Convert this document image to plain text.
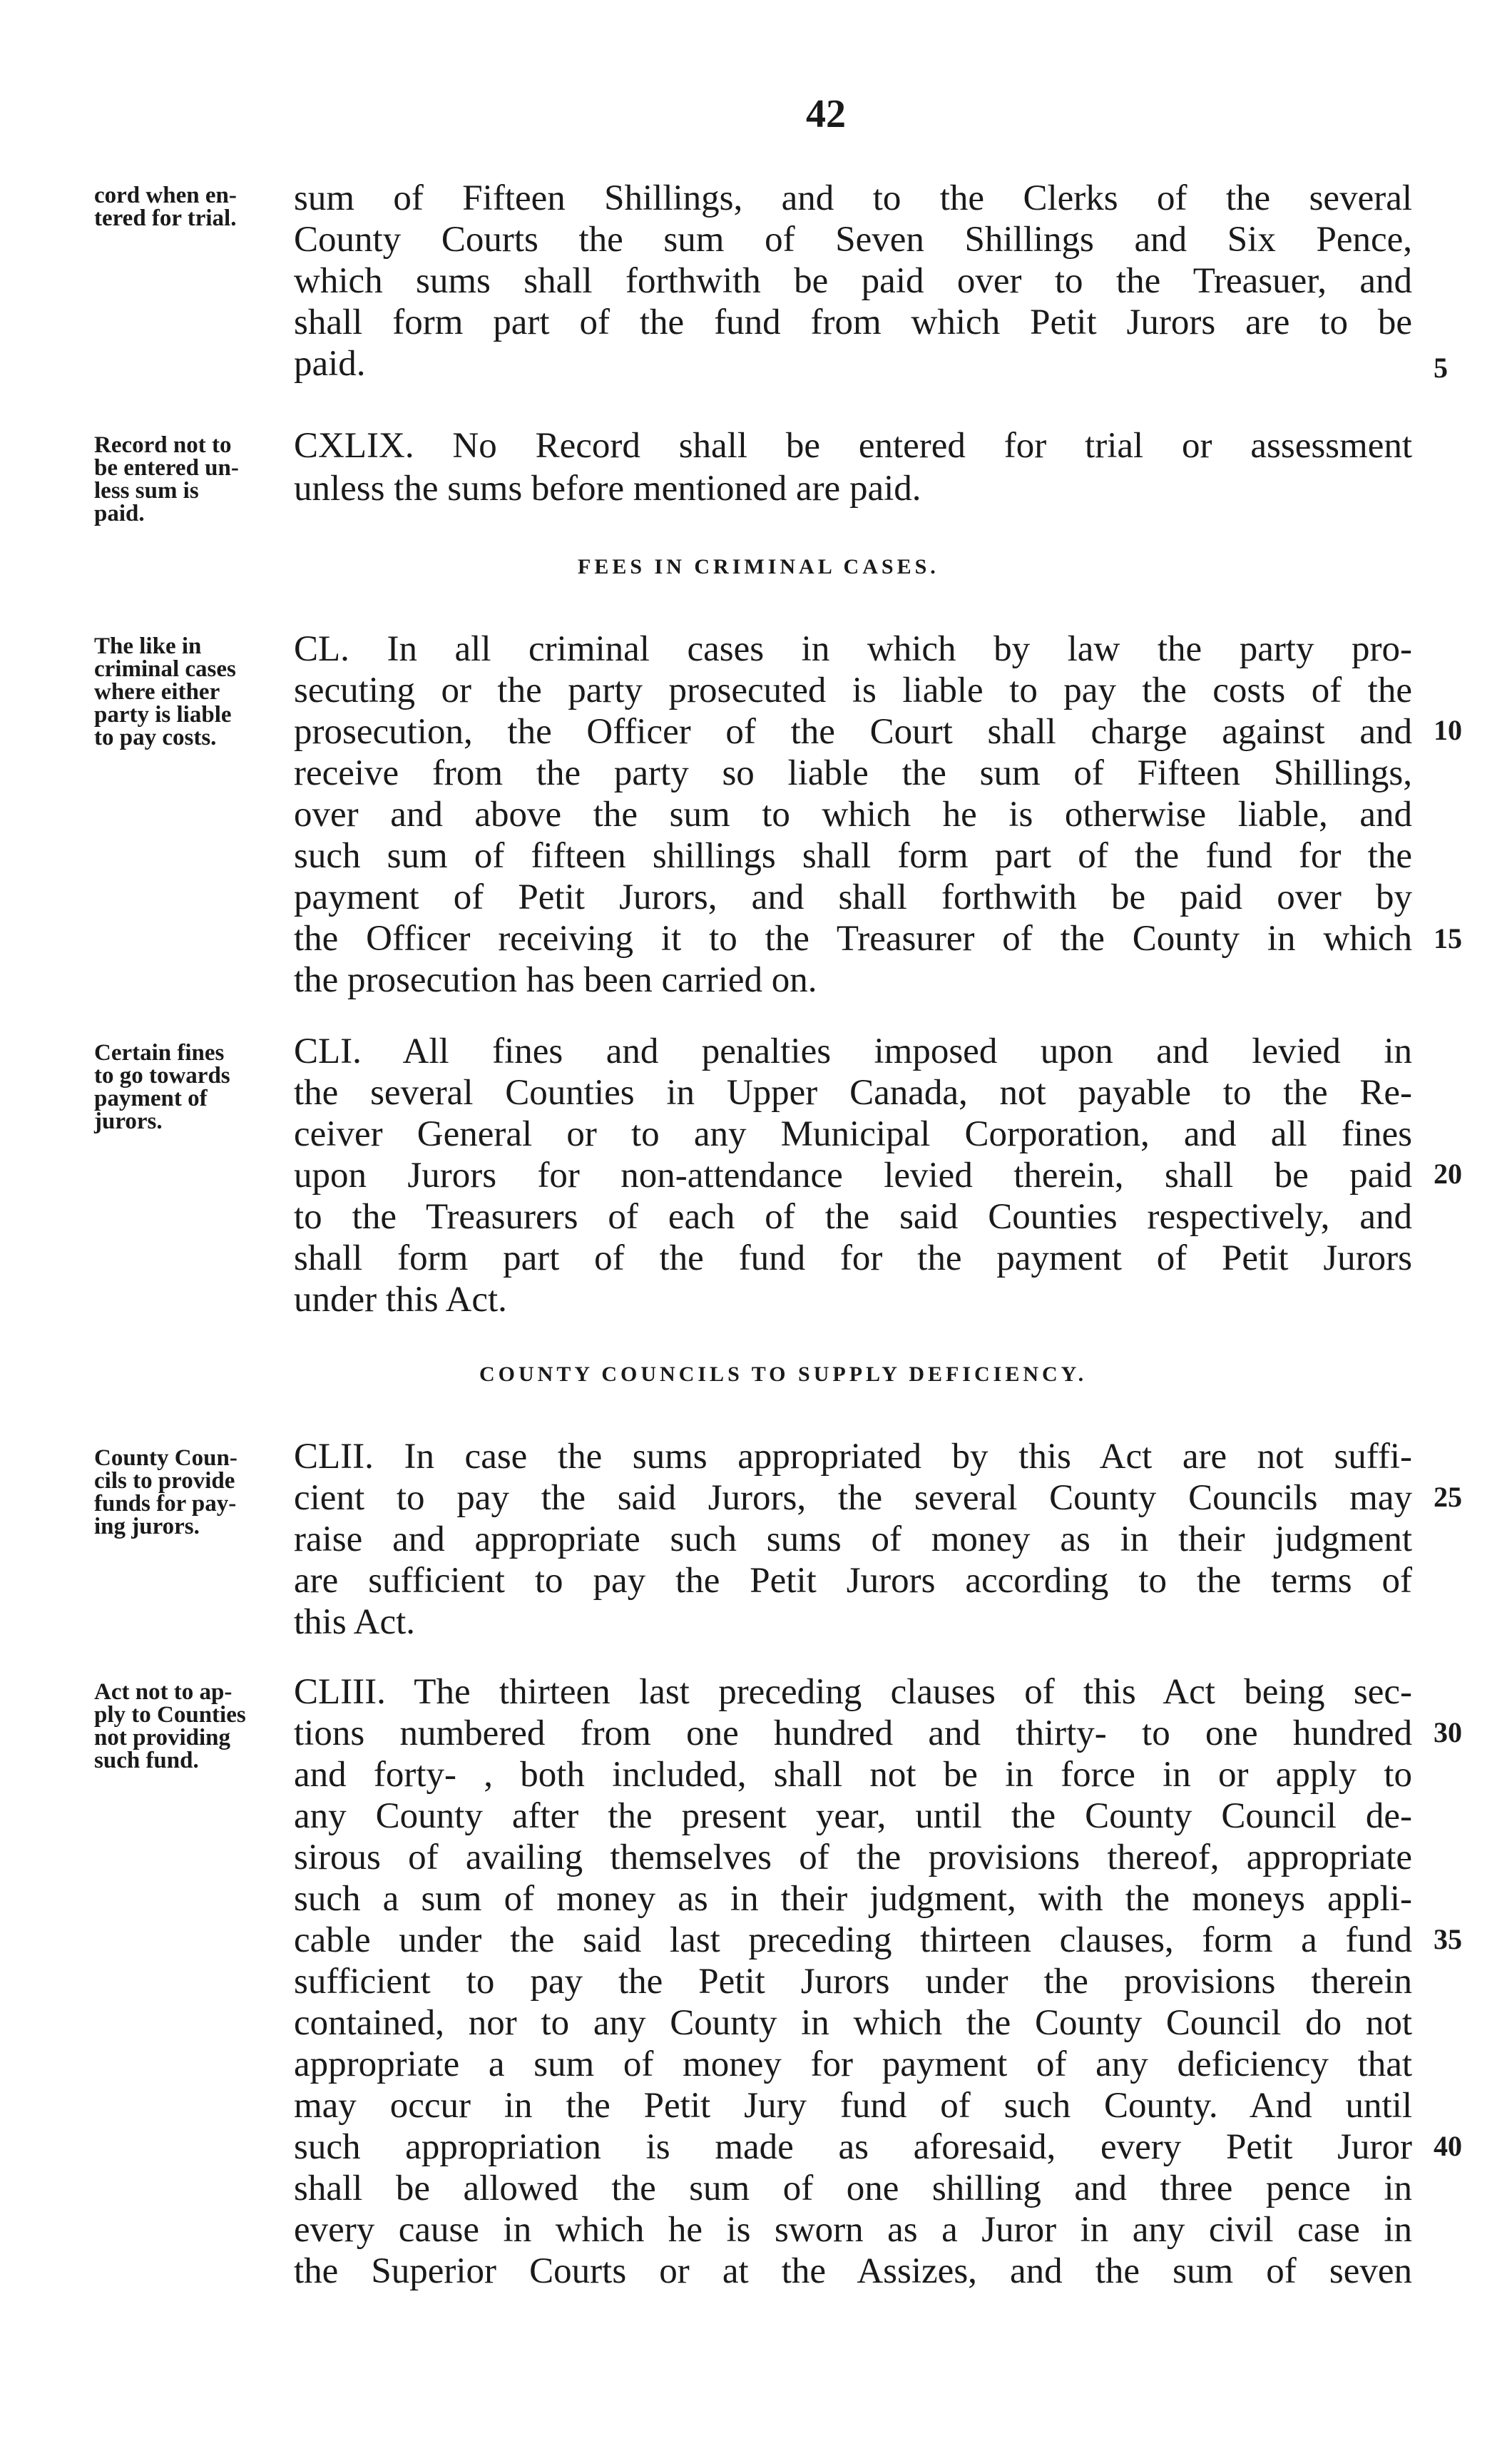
42
sum of Fifteen Shillings, and to the Clerks of the several
County Courts the sum of Seven Shillings and Six Pence,
which sums shall forthwith be paid over to the Treasuer, and
shall form part of the fund from which Petit Jurors are to be
paid.
CXLIX. No Record shall be entered for trial or assessment
unless the sums before mentioned are paid.
CL. In all criminal cases in which by law the party pro-
secuting or the party prosecuted is liable to pay the costs of the
prosecution, the Officer of the Court shall charge against and
receive from the party so liable the sum of Fifteen Shillings,
over and above the sum to which he is otherwise liable, and
such sum of fifteen shillings shall form part of the fund for the
payment of Petit Jurors, and shall forthwith be paid over by
the Officer receiving it to the Treasurer of the County in which
the prosecution has been carried on.
CLI. All fines and penalties imposed upon and levied in
the several Counties in Upper Canada, not payable to the Re-
ceiver General or to any Municipal Corporation, and all fines
upon Jurors for non-attendance levied therein, shall be paid
to the Treasurers of each of the said Counties respectively, and
shall form part of the fund for the payment of Petit Jurors
under this Act.
CLII. In case the sums appropriated by this Act are not suffi-
cient to pay the said Jurors, the several County Councils may
raise and appropriate such sums of money as in their judgment
are sufficient to pay the Petit Jurors according to the terms of
this Act.
CLIII. The thirteen last preceding clauses of this Act being sec-
tions numbered from one hundred and thirty- to one hundred
and forty- , both included, shall not be in force in or apply to
any County after the present year, until the County Council de-
sirous of availing themselves of the provisions thereof, appropriate
such a sum of money as in their judgment, with the moneys appli-
cable under the said last preceding thirteen clauses, form a fund
sufficient to pay the Petit Jurors under the provisions therein
contained, nor to any County in which the County Council do not
appropriate a sum of money for payment of any deficiency that
may occur in the Petit Jury fund of such County. And until
such appropriation is made as aforesaid, every Petit Juror
shall be allowed the sum of one shilling and three pence in
every cause in which he is sworn as a Juror in any civil case in
the Superior Courts or at the Assizes, and the sum of seven
FEES IN CRIMINAL CASES.
COUNTY COUNCILS TO SUPPLY DEFICIENCY.
cord when en-
tered for trial.
Record not to
be entered un-
less sum is
paid.
The like in
criminal cases
where either
party is liable
to pay costs.
Certain fines
to go towards
payment of
jurors.
County Coun-
cils to provide
funds for pay-
ing jurors.
Act not to ap-
ply to Counties
not providing
such fund.
5
10
15
20
25
30
35
40
